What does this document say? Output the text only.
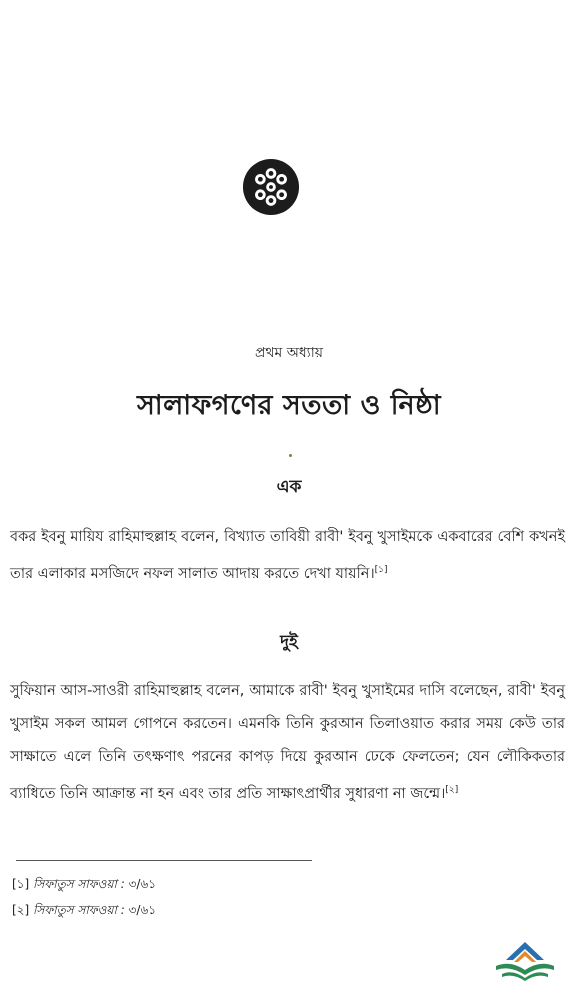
প্রথম অধ্যায়
সালাফগণের সততা ও নিষ্ঠা
এক
বকর ইবনু মায়িয রাহিমাহুল্লাহ বলেন, বিখ্যাত তাবিয়ী রাবী' ইবনু খুসাইমকে একবারের বেশি কখনই তার এলাকার মসজিদে নফল সালাত আদায় করতে দেখা যায়নি।[১]
দুই
সুফিয়ান আস-সাওরী রাহিমাহুল্লাহ বলেন, আমাকে রাবী' ইবনু খুসাইমের দাসি বলেছেন, রাবী' ইবনু খুসাইম সকল আমল গোপনে করতেন। এমনকি তিনি কুরআন তিলাওয়াত করার সময় কেউ তার সাক্ষাতে এলে তিনি তৎক্ষণাৎ পরনের কাপড় দিয়ে কুরআন ঢেকে ফেলতেন; যেন লৌকিকতার ব্যাধিতে তিনি আক্রান্ত না হন এবং তার প্রতি সাক্ষাৎপ্রার্থীর সুধারণা না জন্মে।[২]
[১] সিফাতুস সাফওয়া : ৩/৬১
[২] সিফাতুস সাফওয়া : ৩/৬১
